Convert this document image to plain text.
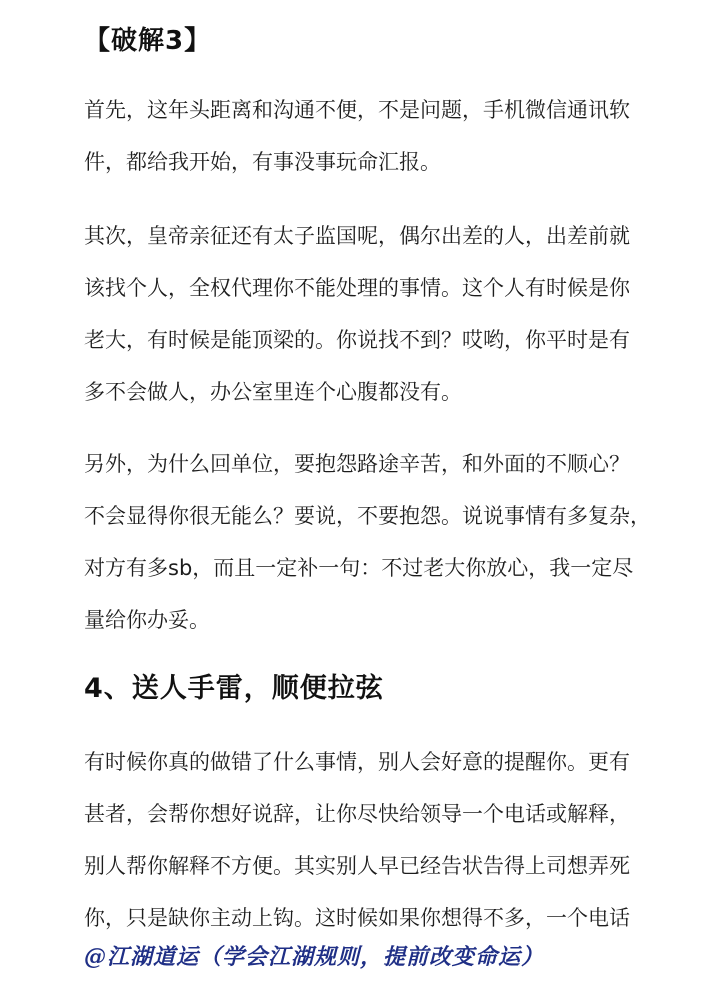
【破解3】

首先，这年头距离和沟通不便，不是问题，手机微信通讯软
件，都给我开始，有事没事玩命汇报。

其次，皇帝亲征还有太子监国呢，偶尔出差的人，出差前就
该找个人，全权代理你不能处理的事情。这个人有时候是你
老大，有时候是能顶梁的。你说找不到？哎哟，你平时是有
多不会做人，办公室里连个心腹都没有。

另外，为什么回单位，要抱怨路途辛苦，和外面的不顺心？
不会显得你很无能么？要说，不要抱怨。说说事情有多复杂，
对方有多sb，而且一定补一句：不过老大你放心，我一定尽
量给你办妥。

4、送人手雷，顺便拉弦

有时候你真的做错了什么事情，别人会好意的提醒你。更有
甚者，会帮你想好说辞，让你尽快给领导一个电话或解释，
别人帮你解释不方便。其实别人早已经告状告得上司想弄死
你，只是缺你主动上钩。这时候如果你想得不多，一个电话

@江湖道运（学会江湖规则，提前改变命运）
